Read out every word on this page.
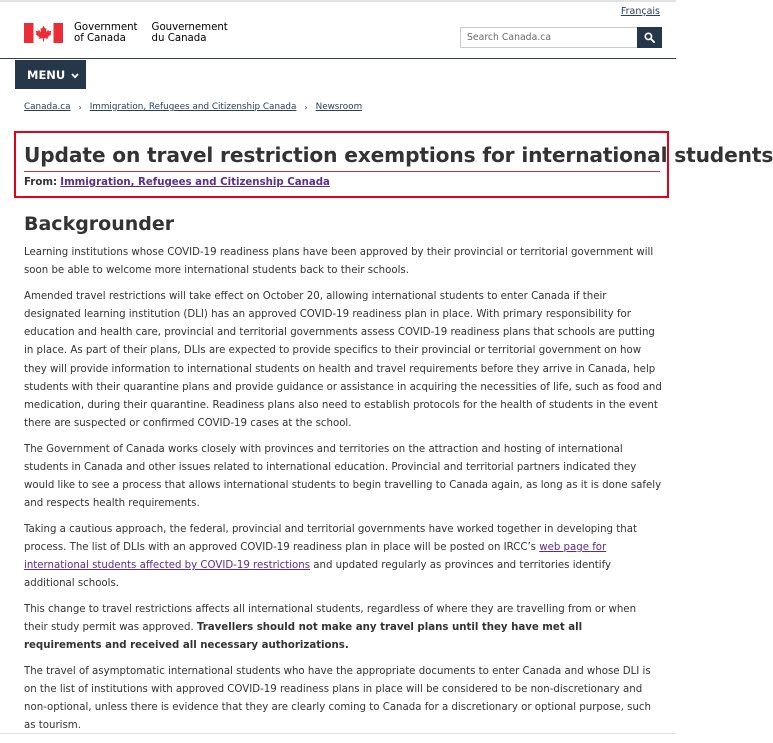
Français
Government
of Canada
Gouvernement
du Canada
Search Canada.ca
MENU
Canada.ca › Immigration, Refugees and Citizenship Canada › Newsroom
Update on travel restriction exemptions for international students
From: Immigration, Refugees and Citizenship Canada
Backgrounder

Learning institutions whose COVID-19 readiness plans have been approved by their provincial or territorial government will soon be able to welcome more international students back to their schools.

Amended travel restrictions will take effect on October 20, allowing international students to enter Canada if their designated learning institution (DLI) has an approved COVID-19 readiness plan in place. With primary responsibility for education and health care, provincial and territorial governments assess COVID-19 readiness plans that schools are putting in place. As part of their plans, DLIs are expected to provide specifics to their provincial or territorial government on how they will provide information to international students on health and travel requirements before they arrive in Canada, help students with their quarantine plans and provide guidance or assistance in acquiring the necessities of life, such as food and medication, during their quarantine. Readiness plans also need to establish protocols for the health of students in the event there are suspected or confirmed COVID-19 cases at the school.

The Government of Canada works closely with provinces and territories on the attraction and hosting of international students in Canada and other issues related to international education. Provincial and territorial partners indicated they would like to see a process that allows international students to begin travelling to Canada again, as long as it is done safely and respects health requirements.

Taking a cautious approach, the federal, provincial and territorial governments have worked together in developing that process. The list of DLIs with an approved COVID-19 readiness plan in place will be posted on IRCC’s web page for international students affected by COVID-19 restrictions and updated regularly as provinces and territories identify additional schools.

This change to travel restrictions affects all international students, regardless of where they are travelling from or when their study permit was approved. Travellers should not make any travel plans until they have met all requirements and received all necessary authorizations.

The travel of asymptomatic international students who have the appropriate documents to enter Canada and whose DLI is on the list of institutions with approved COVID-19 readiness plans in place will be considered to be non-discretionary and non-optional, unless there is evidence that they are clearly coming to Canada for a discretionary or optional purpose, such as tourism.
